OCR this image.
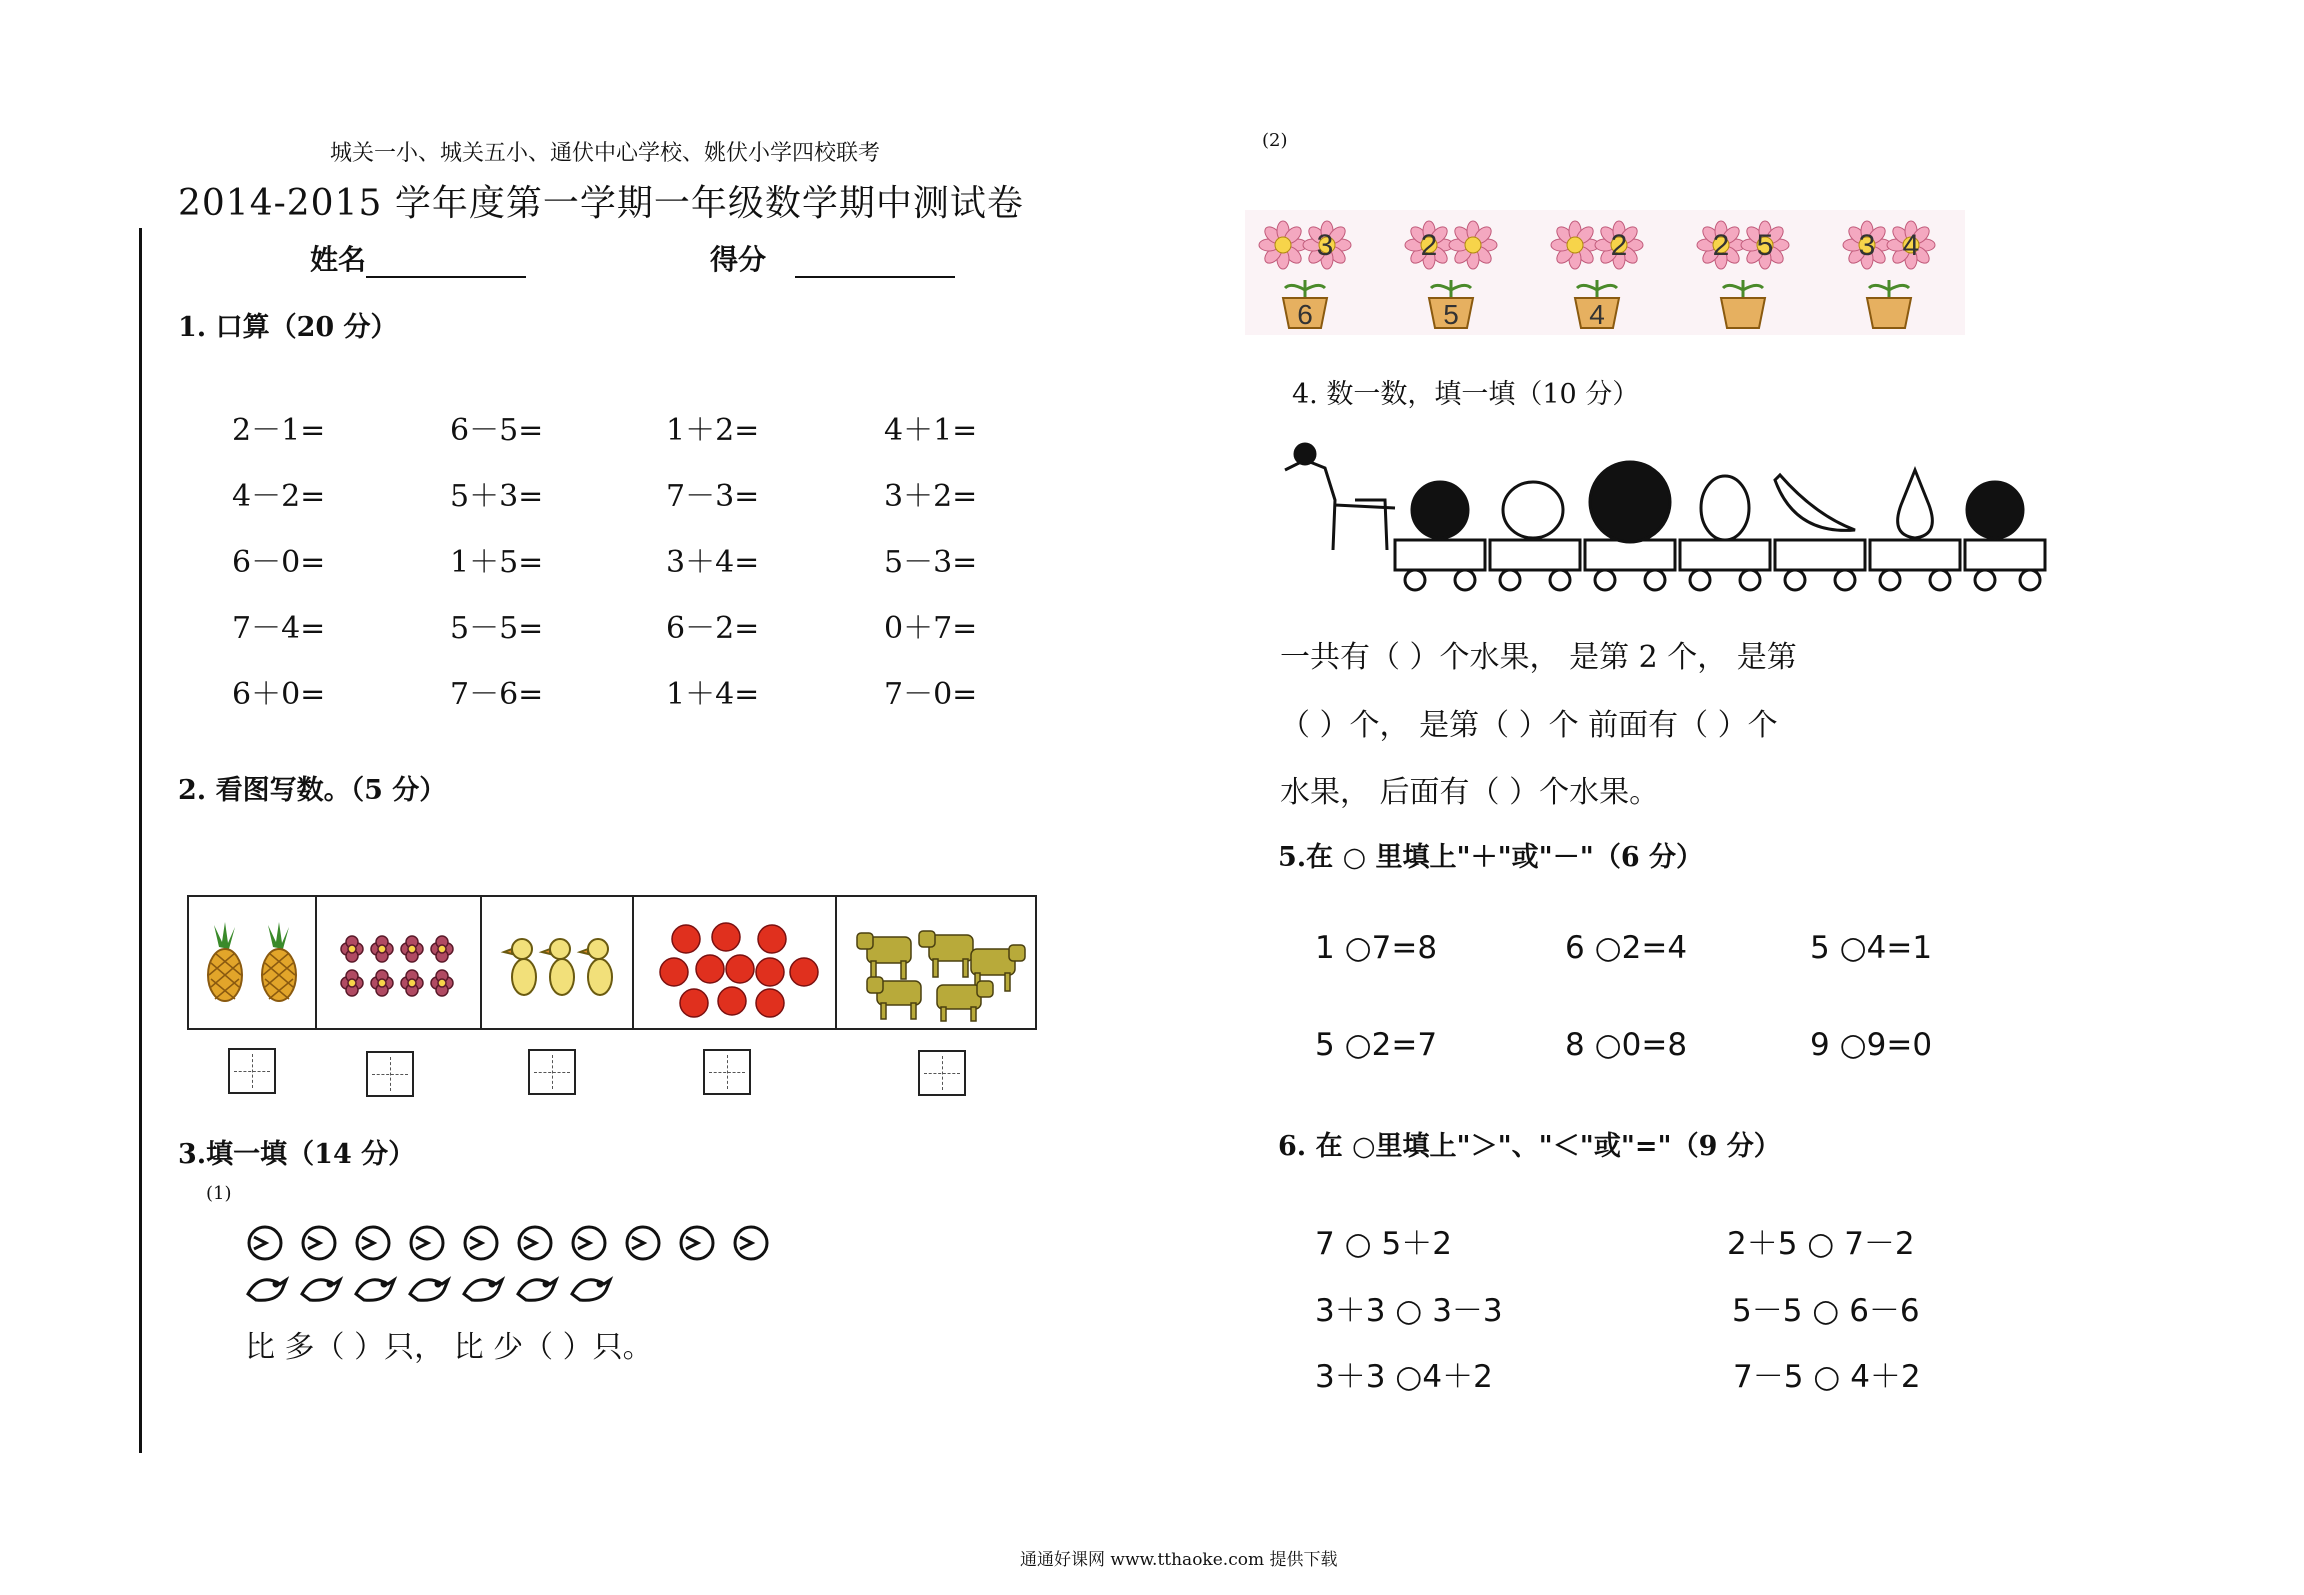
城关一小、城关五小、通伏中心学校、姚伏小学四校联考
2014-2015 学年度第一学期一年级数学期中测试卷
姓名	得分
1. 口算（20 分）
2－1=	6－5=	1＋2=	4＋1=
4－2=	5＋3=	7－3=	3＋2=
6－0=	1＋5=	3＋4=	5－3=
7－4=	5－5=	6－2=	0＋7=
6＋0=	7－6=	1＋4=	7－0=
2. 看图写数。（5 分）
3.填一填（14 分）
(1)
比 多（ ）只， 比 少（ ）只。
(2)
3
6
2
5
2
4
2 5	3 4
4. 数一数，填一填（10 分）
一共有（ ）个水果， 是第 2 个， 是第
（ ）个， 是第（ ）个 前面有（ ）个
水果， 后面有（ ）个水果。
5.在 ○ 里填上"＋"或"－"（6 分）
1 ○7=8	6 ○2=4	5 ○4=1
5 ○2=7	8 ○0=8	9 ○9=0
6. 在 ○里填上"＞"、"＜"或"="（9 分）
7 ○ 5＋2	2＋5 ○ 7－2
3＋3 ○ 3－3	5－5 ○ 6－6
3＋3 ○4＋2	7－5 ○ 4＋2
通通好课网 www.tthaoke.com 提供下载
